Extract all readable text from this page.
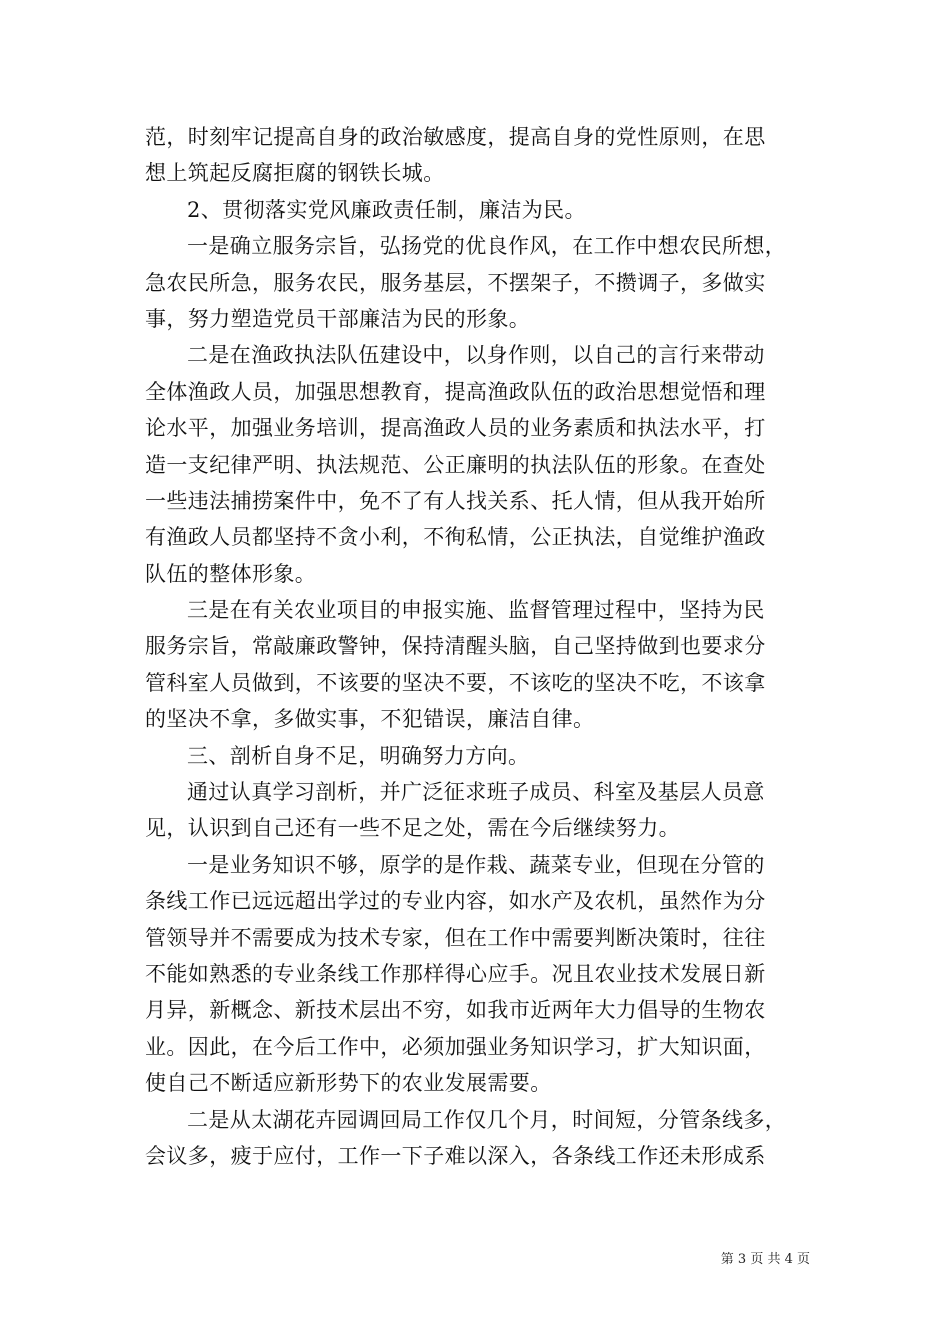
范，时刻牢记提高自身的政治敏感度，提高自身的党性原则，在思
想上筑起反腐拒腐的钢铁长城。
2、贯彻落实党风廉政责任制，廉洁为民。
一是确立服务宗旨，弘扬党的优良作风，在工作中想农民所想，
急农民所急，服务农民，服务基层，不摆架子，不攒调子，多做实
事，努力塑造党员干部廉洁为民的形象。
二是在渔政执法队伍建设中，以身作则，以自己的言行来带动
全体渔政人员，加强思想教育，提高渔政队伍的政治思想觉悟和理
论水平，加强业务培训，提高渔政人员的业务素质和执法水平，打
造一支纪律严明、执法规范、公正廉明的执法队伍的形象。在查处
一些违法捕捞案件中，免不了有人找关系、托人情，但从我开始所
有渔政人员都坚持不贪小利，不徇私情，公正执法，自觉维护渔政
队伍的整体形象。
三是在有关农业项目的申报实施、监督管理过程中，坚持为民
服务宗旨，常敲廉政警钟，保持清醒头脑，自己坚持做到也要求分
管科室人员做到，不该要的坚决不要，不该吃的坚决不吃，不该拿
的坚决不拿，多做实事，不犯错误，廉洁自律。
三、剖析自身不足，明确努力方向。
通过认真学习剖析，并广泛征求班子成员、科室及基层人员意
见，认识到自己还有一些不足之处，需在今后继续努力。
一是业务知识不够，原学的是作栽、蔬菜专业，但现在分管的
条线工作已远远超出学过的专业内容，如水产及农机，虽然作为分
管领导并不需要成为技术专家，但在工作中需要判断决策时，往往
不能如熟悉的专业条线工作那样得心应手。况且农业技术发展日新
月异，新概念、新技术层出不穷，如我市近两年大力倡导的生物农
业。因此，在今后工作中，必须加强业务知识学习，扩大知识面，
使自己不断适应新形势下的农业发展需要。
二是从太湖花卉园调回局工作仅几个月，时间短，分管条线多，
会议多，疲于应付，工作一下子难以深入，各条线工作还未形成系
第 3 页 共 4 页
